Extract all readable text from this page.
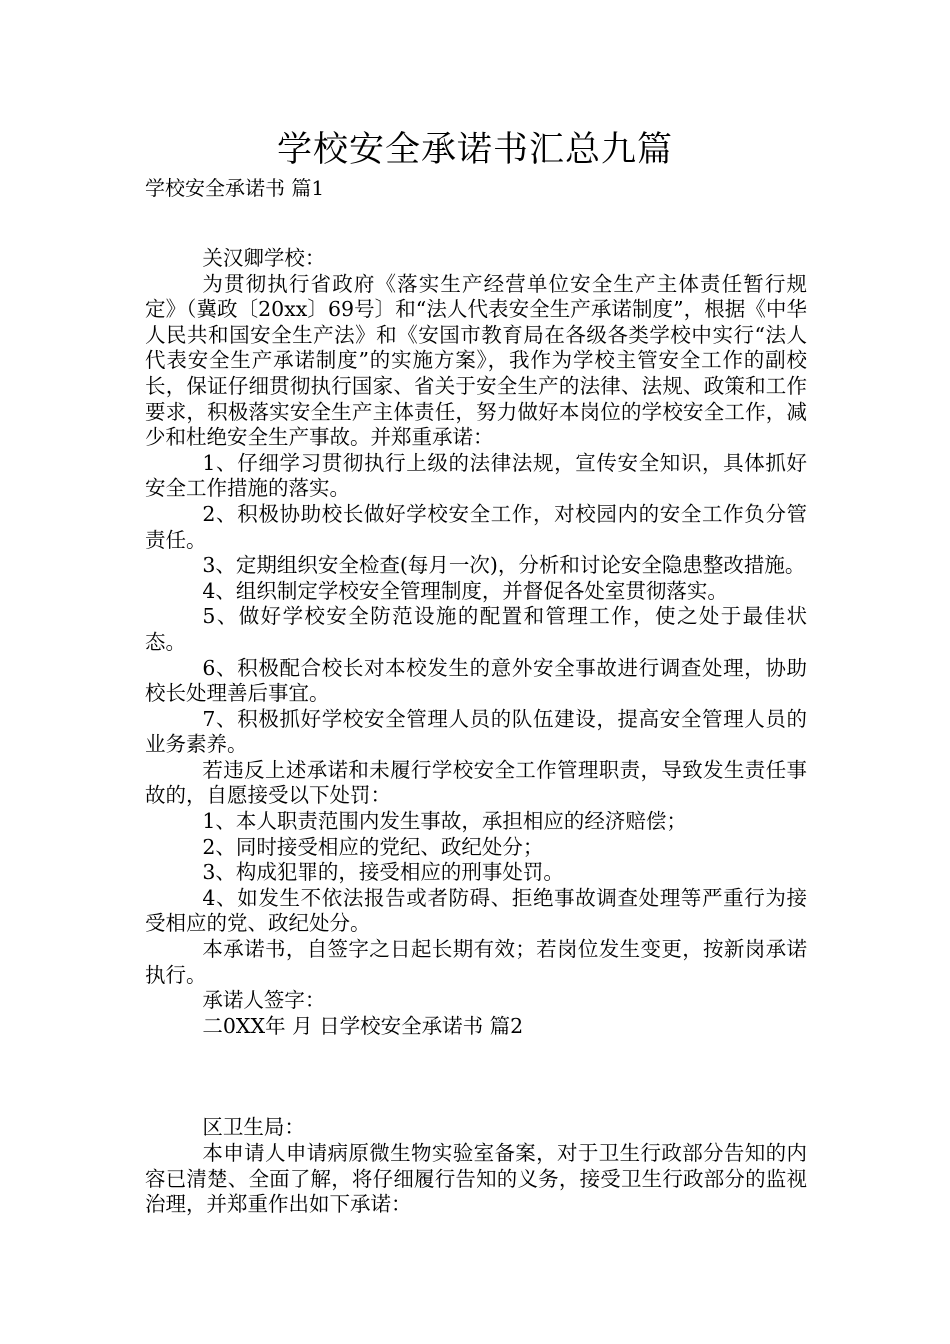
学校安全承诺书汇总九篇
学校安全承诺书 篇1

关汉卿学校：

为贯彻执行省政府《落实生产经营单位安全生产主体责任暂行规定》（冀政〔20xx〕69号〕和“法人代表安全生产承诺制度”，根据《中华人民共和国安全生产法》和《安国市教育局在各级各类学校中实行“法人代表安全生产承诺制度”的实施方案》，我作为学校主管安全工作的副校长，保证仔细贯彻执行国家、省关于安全生产的法律、法规、政策和工作要求，积极落实安全生产主体责任，努力做好本岗位的学校安全工作，减少和杜绝安全生产事故。并郑重承诺：

1、仔细学习贯彻执行上级的法律法规，宣传安全知识，具体抓好安全工作措施的落实。

2、积极协助校长做好学校安全工作，对校园内的安全工作负分管责任。

3、定期组织安全检查(每月一次)，分析和讨论安全隐患整改措施。

4、组织制定学校安全管理制度，并督促各处室贯彻落实。

5、做好学校安全防范设施的配置和管理工作，使之处于最佳状态。

6、积极配合校长对本校发生的意外安全事故进行调查处理，协助校长处理善后事宜。

7、积极抓好学校安全管理人员的队伍建设，提高安全管理人员的业务素养。

若违反上述承诺和未履行学校安全工作管理职责，导致发生责任事故的，自愿接受以下处罚：

1、本人职责范围内发生事故，承担相应的经济赔偿；

2、同时接受相应的党纪、政纪处分；

3、构成犯罪的，接受相应的刑事处罚。

4、如发生不依法报告或者防碍、拒绝事故调查处理等严重行为接受相应的党、政纪处分。

本承诺书，自签字之日起长期有效；若岗位发生变更，按新岗承诺执行。

承诺人签字：

二0XX年 月 日学校安全承诺书 篇2

区卫生局：

本申请人申请病原微生物实验室备案，对于卫生行政部分告知的内容已清楚、全面了解，将仔细履行告知的义务，接受卫生行政部分的监视治理，并郑重作出如下承诺：
